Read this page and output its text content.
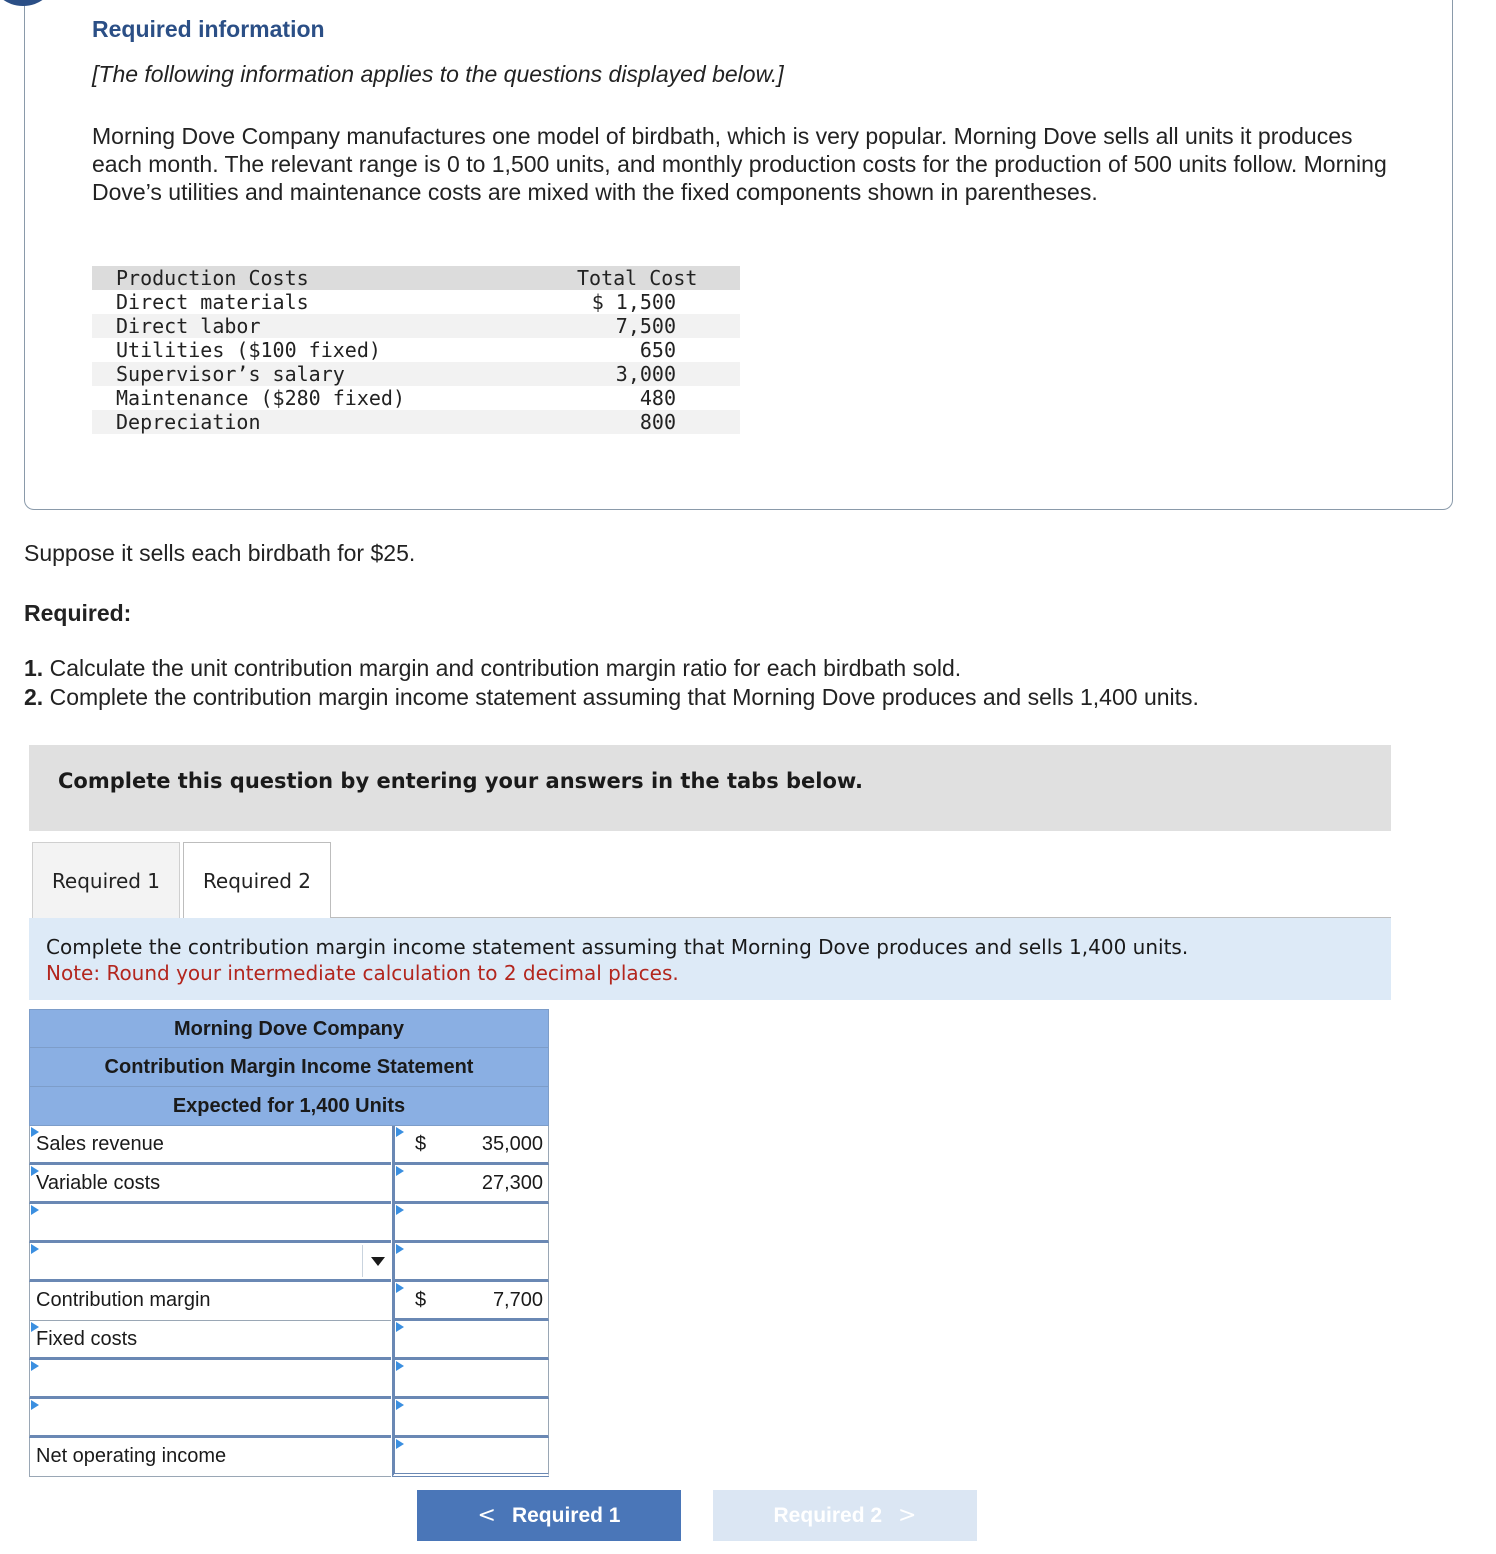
Required information
[The following information applies to the questions displayed below.]
Morning Dove Company manufactures one model of birdbath, which is very popular. Morning Dove sells all units it produces each month. The relevant range is 0 to 1,500 units, and monthly production costs for the production of 500 units follow. Morning Dove’s utilities and maintenance costs are mixed with the fixed components shown in parentheses.
Production Costs	Total Cost
Direct materials	$ 1,500
Direct labor	7,500
Utilities ($100 fixed)	650
Supervisor’s salary	3,000
Maintenance ($280 fixed)	480
Depreciation	800
Suppose it sells each birdbath for $25.
Required:
1. Calculate the unit contribution margin and contribution margin ratio for each birdbath sold.
2. Complete the contribution margin income statement assuming that Morning Dove produces and sells 1,400 units.
Complete this question by entering your answers in the tabs below.
Required 1	Required 2
Complete the contribution margin income statement assuming that Morning Dove produces and sells 1,400 units.
Note: Round your intermediate calculation to 2 decimal places.
Morning Dove Company
Contribution Margin Income Statement
Expected for 1,400 Units
Sales revenue	$	35,000
Variable costs	27,300
Contribution margin	$	7,700
Fixed costs
Net operating income
< Required 1	Required 2 >
